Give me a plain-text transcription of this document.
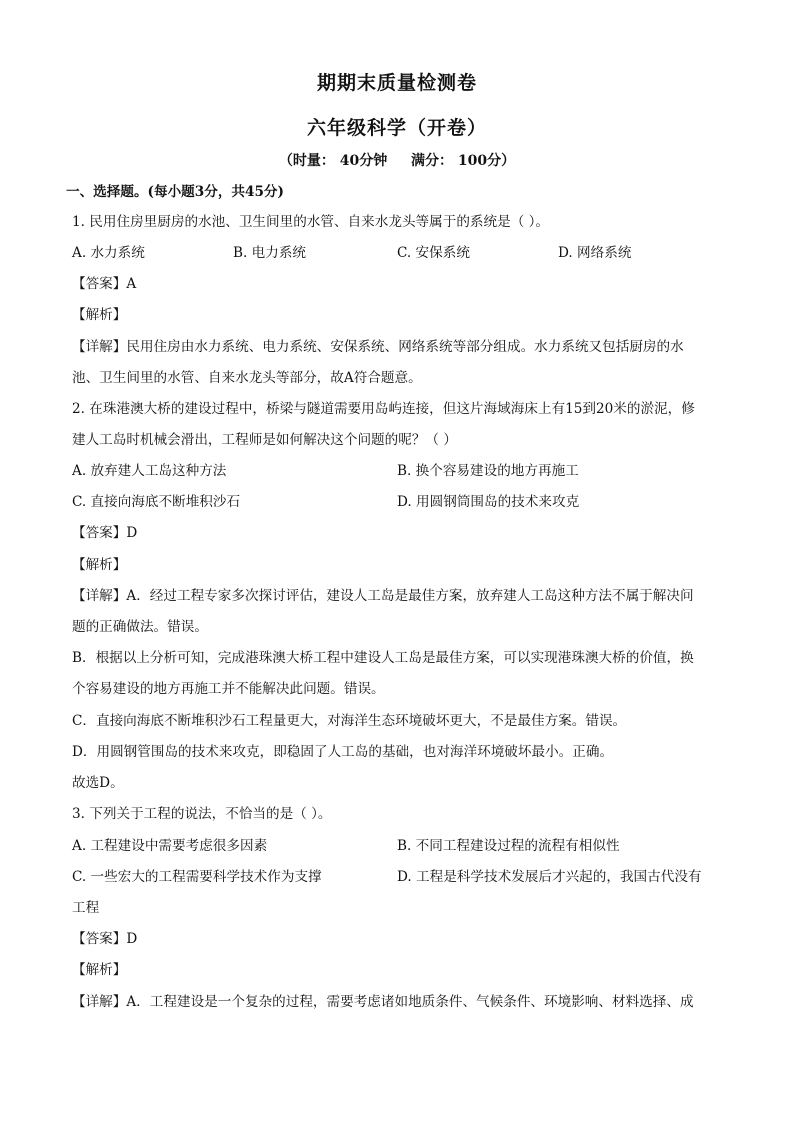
期期末质量检测卷
六年级科学（开卷）
（时量： 40分钟 满分： 100分）
一、选择题。(每小题3分，共45分)
1. 民用住房里厨房的水池、卫生间里的水管、自来水龙头等属于的系统是（ ）。
A. 水力系统	B. 电力系统	C. 安保系统	D. 网络系统
【答案】A
【解析】
【详解】民用住房由水力系统、电力系统、安保系统、网络系统等部分组成。水力系统又包括厨房的水
池、卫生间里的水管、自来水龙头等部分，故A符合题意。
2. 在珠港澳大桥的建设过程中，桥梁与隧道需要用岛屿连接，但这片海域海床上有15到20米的淤泥，修
建人工岛时机械会滑出，工程师是如何解决这个问题的呢？（ ）
A. 放弃建人工岛这种方法	B. 换个容易建设的地方再施工
C. 直接向海底不断堆积沙石	D. 用圆钢筒围岛的技术来攻克
【答案】D
【解析】
【详解】A．经过工程专家多次探讨评估，建设人工岛是最佳方案，放弃建人工岛这种方法不属于解决问
题的正确做法。错误。
B．根据以上分析可知，完成港珠澳大桥工程中建设人工岛是最佳方案，可以实现港珠澳大桥的价值，换
个容易建设的地方再施工并不能解决此问题。错误。
C．直接向海底不断堆积沙石工程量更大，对海洋生态环境破坏更大，不是最佳方案。错误。
D．用圆钢管围岛的技术来攻克，即稳固了人工岛的基础，也对海洋环境破坏最小。正确。
故选D。
3. 下列关于工程的说法，不恰当的是（ ）。
A. 工程建设中需要考虑很多因素	B. 不同工程建设过程的流程有相似性
C. 一些宏大的工程需要科学技术作为支撑	D. 工程是科学技术发展后才兴起的，我国古代没有
工程
【答案】D
【解析】
【详解】A．工程建设是一个复杂的过程，需要考虑诸如地质条件、气候条件、环境影响、材料选择、成
